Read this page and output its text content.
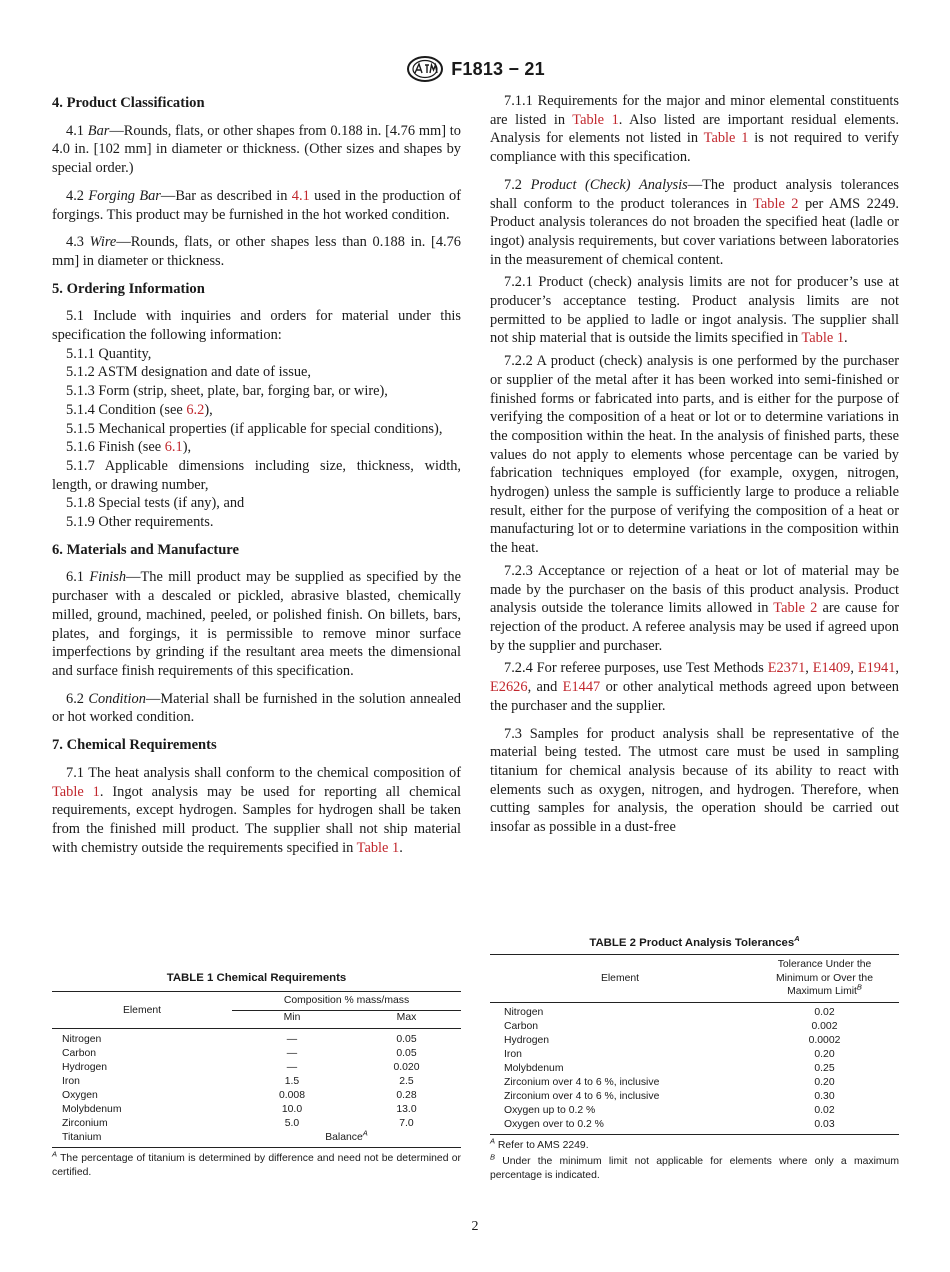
F1813 − 21
4. Product Classification

4.1 Bar—Rounds, flats, or other shapes from 0.188 in. [4.76 mm] to 4.0 in. [102 mm] in diameter or thickness. (Other sizes and shapes by special order.)

4.2 Forging Bar—Bar as described in 4.1 used in the production of forgings. This product may be furnished in the hot worked condition.

4.3 Wire—Rounds, flats, or other shapes less than 0.188 in. [4.76 mm] in diameter or thickness.

5. Ordering Information

5.1 Include with inquiries and orders for material under this specification the following information:

5.1.1 Quantity,

5.1.2 ASTM designation and date of issue,

5.1.3 Form (strip, sheet, plate, bar, forging bar, or wire),

5.1.4 Condition (see 6.2),

5.1.5 Mechanical properties (if applicable for special conditions),

5.1.6 Finish (see 6.1),

5.1.7 Applicable dimensions including size, thickness, width, length, or drawing number,

5.1.8 Special tests (if any), and

5.1.9 Other requirements.

6. Materials and Manufacture

6.1 Finish—The mill product may be supplied as specified by the purchaser with a descaled or pickled, abrasive blasted, chemically milled, ground, machined, peeled, or polished finish. On billets, bars, plates, and forgings, it is permissible to remove minor surface imperfections by grinding if the resultant area meets the dimensional and surface finish requirements of this specification.

6.2 Condition—Material shall be furnished in the solution annealed or hot worked condition.

7. Chemical Requirements

7.1 The heat analysis shall conform to the chemical composition of Table 1. Ingot analysis may be used for reporting all chemical requirements, except hydrogen. Samples for hydrogen shall be taken from the finished mill product. The supplier shall not ship material with chemistry outside the requirements specified in Table 1.

7.1.1 Requirements for the major and minor elemental constituents are listed in Table 1. Also listed are important residual elements. Analysis for elements not listed in Table 1 is not required to verify compliance with this specification.

7.2 Product (Check) Analysis—The product analysis tolerances shall conform to the product tolerances in Table 2 per AMS 2249. Product analysis tolerances do not broaden the specified heat (ladle or ingot) analysis requirements, but cover variations between laboratories in the measurement of chemical content.

7.2.1 Product (check) analysis limits are not for producer’s use at producer’s acceptance testing. Product analysis limits are not permitted to be applied to ladle or ingot analysis. The supplier shall not ship material that is outside the limits specified in Table 1.

7.2.2 A product (check) analysis is one performed by the purchaser or supplier of the metal after it has been worked into semi-finished or finished forms or fabricated into parts, and is either for the purpose of verifying the composition of a heat or lot or to determine variations in the composition within the heat. In the analysis of finished parts, these values do not apply to elements whose percentage can be varied by fabrication techniques employed (for example, oxygen, nitrogen, hydrogen) unless the sample is sufficiently large to produce a reliable result, either for the purpose of verifying the composition of a heat or manufacturing lot or to determine variations in the composition within the heat.

7.2.3 Acceptance or rejection of a heat or lot of material may be made by the purchaser on the basis of this product analysis. Product analysis outside the tolerance limits allowed in Table 2 are cause for rejection of the product. A referee analysis may be used if agreed upon by the supplier and purchaser.

7.2.4 For referee purposes, use Test Methods E2371, E1409, E1941, E2626, and E1447 or other analytical methods agreed upon between the purchaser and the supplier.

7.3 Samples for product analysis shall be representative of the material being tested. The utmost care must be used in sampling titanium for chemical analysis because of its ability to react with elements such as oxygen, nitrogen, and hydrogen. Therefore, when cutting samples for analysis, the operation should be carried out insofar as possible in a dust-free

TABLE 1 Chemical Requirements
Element	Composition % mass/mass	
	Min	Max
Nitrogen	—	0.05
Carbon	—	0.05
Hydrogen	—	0.020
Iron	1.5	2.5
Oxygen	0.008	0.28
Molybdenum	10.0	13.0
Zirconium	5.0	7.0
Titanium	Balance$^A$
$^A$ The percentage of titanium is determined by difference and need not be determined or certified.
TABLE 2 Product Analysis Tolerances$^A$
Element	Tolerance Under the
Minimum or Over the
Maximum Limit$^B$
Nitrogen	0.02
Carbon	0.002
Hydrogen	0.0002
Iron	0.20
Molybdenum	0.25
Zirconium over 4 to 6 %, inclusive	0.20
Zirconium over 4 to 6 %, inclusive	0.30
Oxygen up to 0.2 %	0.02
Oxygen over to 0.2 %	0.03
$^A$ Refer to AMS 2249.
$^B$ Under the minimum limit not applicable for elements where only a maximum percentage is indicated.
2
